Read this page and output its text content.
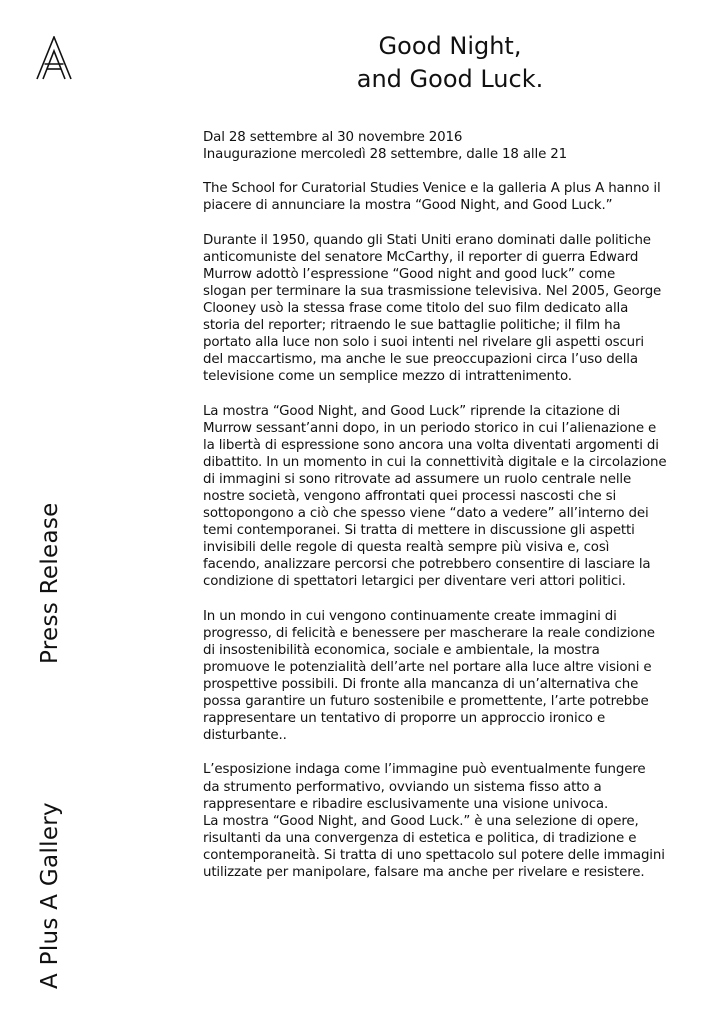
Good Night,
and Good Luck.
Press Release
A Plus A Gallery

Dal 28 settembre al 30 novembre 2016
Inaugurazione mercoledì 28 settembre, dalle 18 alle 21

The School for Curatorial Studies Venice e la galleria A plus A hanno il
piacere di annunciare la mostra “Good Night, and Good Luck.”

Durante il 1950, quando gli Stati Uniti erano dominati dalle politiche
anticomuniste del senatore McCarthy, il reporter di guerra Edward
Murrow adottò l’espressione “Good night and good luck” come
slogan per terminare la sua trasmissione televisiva. Nel 2005, George
Clooney usò la stessa frase come titolo del suo film dedicato alla
storia del reporter; ritraendo le sue battaglie politiche; il film ha
portato alla luce non solo i suoi intenti nel rivelare gli aspetti oscuri
del maccartismo, ma anche le sue preoccupazioni circa l’uso della
televisione come un semplice mezzo di intrattenimento.

La mostra “Good Night, and Good Luck” riprende la citazione di
Murrow sessant’anni dopo, in un periodo storico in cui l’alienazione e
la libertà di espressione sono ancora una volta diventati argomenti di
dibattito. In un momento in cui la connettività digitale e la circolazione
di immagini si sono ritrovate ad assumere un ruolo centrale nelle
nostre società, vengono affrontati quei processi nascosti che si
sottopongono a ciò che spesso viene “dato a vedere” all’interno dei
temi contemporanei. Si tratta di mettere in discussione gli aspetti
invisibili delle regole di questa realtà sempre più visiva e, così
facendo, analizzare percorsi che potrebbero consentire di lasciare la
condizione di spettatori letargici per diventare veri attori politici.

In un mondo in cui vengono continuamente create immagini di
progresso, di felicità e benessere per mascherare la reale condizione
di insostenibilità economica, sociale e ambientale, la mostra
promuove le potenzialità dell’arte nel portare alla luce altre visioni e
prospettive possibili. Di fronte alla mancanza di un’alternativa che
possa garantire un futuro sostenibile e promettente, l’arte potrebbe
rappresentare un tentativo di proporre un approccio ironico e
disturbante..

L’esposizione indaga come l’immagine può eventualmente fungere
da strumento performativo, ovviando un sistema fisso atto a
rappresentare e ribadire esclusivamente una visione univoca.
La mostra “Good Night, and Good Luck.” è una selezione di opere,
risultanti da una convergenza di estetica e politica, di tradizione e
contemporaneità. Si tratta di uno spettacolo sul potere delle immagini
utilizzate per manipolare, falsare ma anche per rivelare e resistere.
